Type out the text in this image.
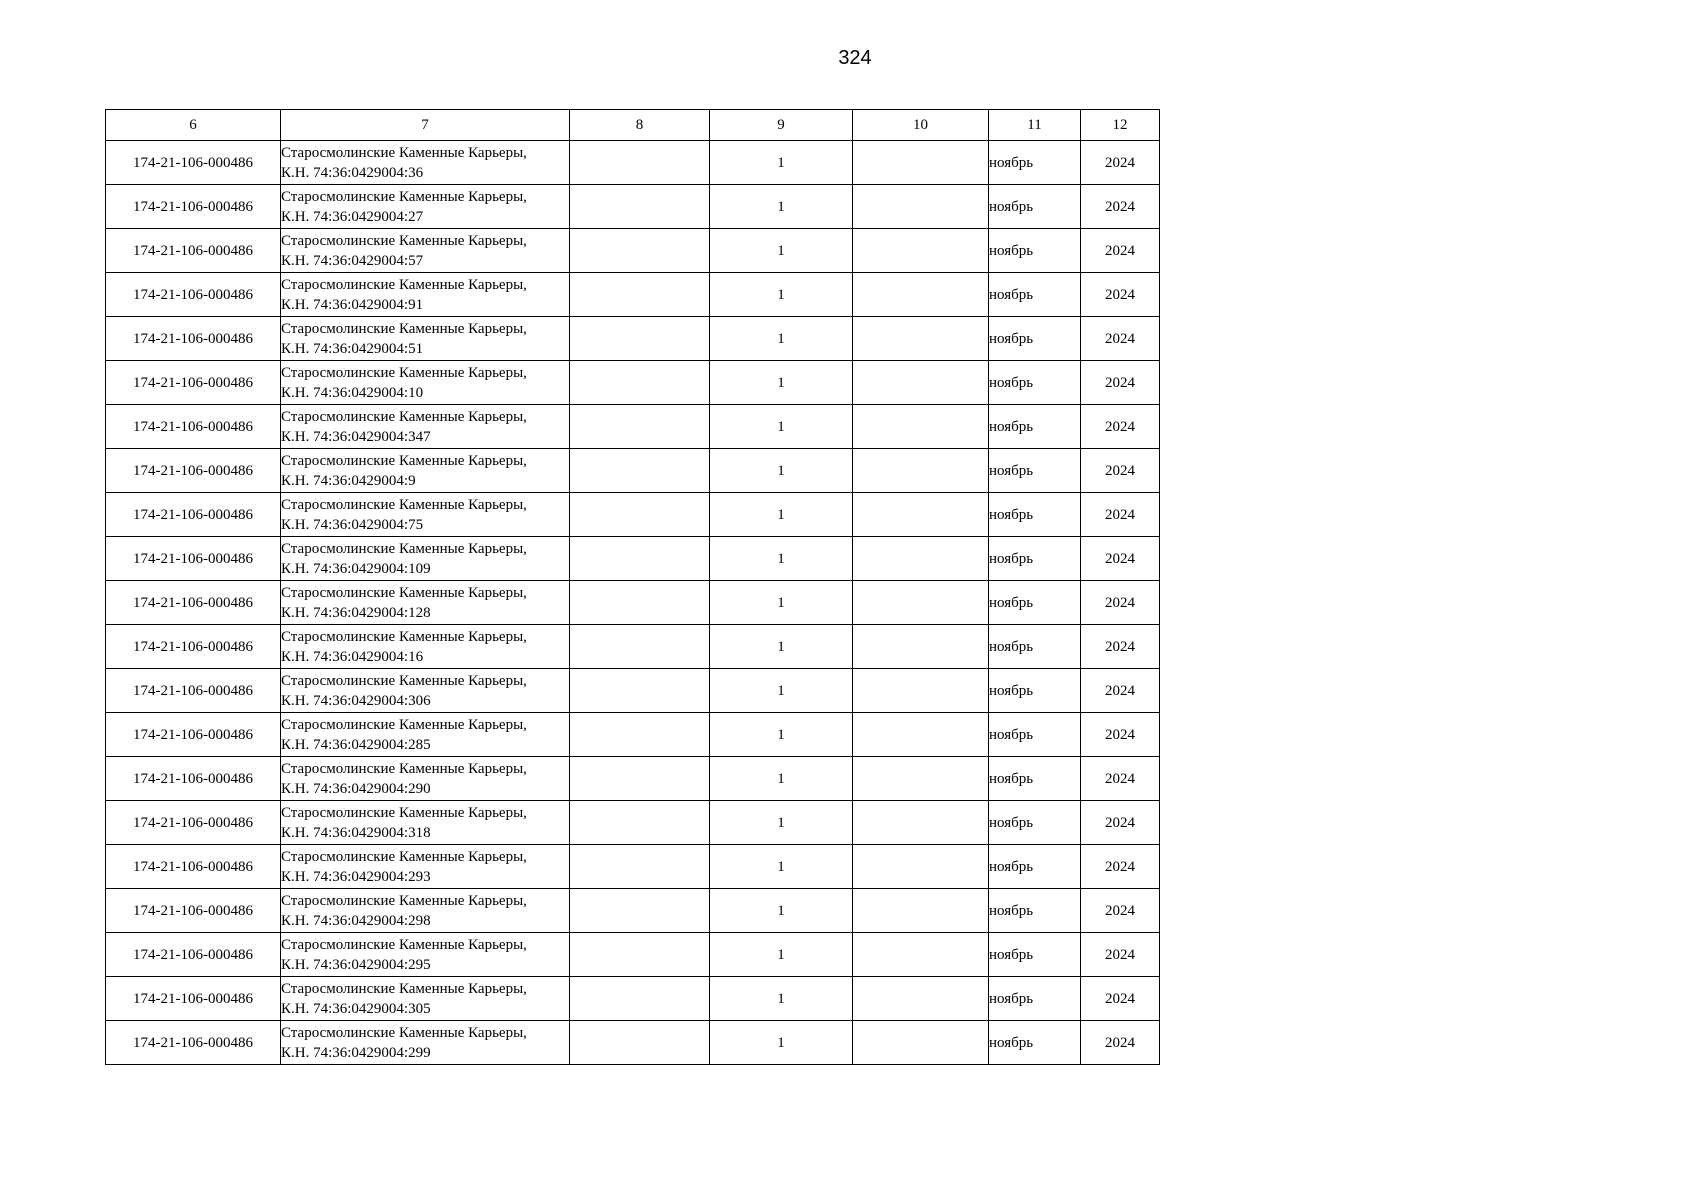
324
6	7	8	9	10	11	12
174-21-106-000486	Старосмолинские Каменные Карьеры,
К.Н. 74:36:0429004:36		1		ноябрь	2024
174-21-106-000486	Старосмолинские Каменные Карьеры,
К.Н. 74:36:0429004:27		1		ноябрь	2024
174-21-106-000486	Старосмолинские Каменные Карьеры,
К.Н. 74:36:0429004:57		1		ноябрь	2024
174-21-106-000486	Старосмолинские Каменные Карьеры,
К.Н. 74:36:0429004:91		1		ноябрь	2024
174-21-106-000486	Старосмолинские Каменные Карьеры,
К.Н. 74:36:0429004:51		1		ноябрь	2024
174-21-106-000486	Старосмолинские Каменные Карьеры,
К.Н. 74:36:0429004:10		1		ноябрь	2024
174-21-106-000486	Старосмолинские Каменные Карьеры,
К.Н. 74:36:0429004:347		1		ноябрь	2024
174-21-106-000486	Старосмолинские Каменные Карьеры,
К.Н. 74:36:0429004:9		1		ноябрь	2024
174-21-106-000486	Старосмолинские Каменные Карьеры,
К.Н. 74:36:0429004:75		1		ноябрь	2024
174-21-106-000486	Старосмолинские Каменные Карьеры,
К.Н. 74:36:0429004:109		1		ноябрь	2024
174-21-106-000486	Старосмолинские Каменные Карьеры,
К.Н. 74:36:0429004:128		1		ноябрь	2024
174-21-106-000486	Старосмолинские Каменные Карьеры,
К.Н. 74:36:0429004:16		1		ноябрь	2024
174-21-106-000486	Старосмолинские Каменные Карьеры,
К.Н. 74:36:0429004:306		1		ноябрь	2024
174-21-106-000486	Старосмолинские Каменные Карьеры,
К.Н. 74:36:0429004:285		1		ноябрь	2024
174-21-106-000486	Старосмолинские Каменные Карьеры,
К.Н. 74:36:0429004:290		1		ноябрь	2024
174-21-106-000486	Старосмолинские Каменные Карьеры,
К.Н. 74:36:0429004:318		1		ноябрь	2024
174-21-106-000486	Старосмолинские Каменные Карьеры,
К.Н. 74:36:0429004:293		1		ноябрь	2024
174-21-106-000486	Старосмолинские Каменные Карьеры,
К.Н. 74:36:0429004:298		1		ноябрь	2024
174-21-106-000486	Старосмолинские Каменные Карьеры,
К.Н. 74:36:0429004:295		1		ноябрь	2024
174-21-106-000486	Старосмолинские Каменные Карьеры,
К.Н. 74:36:0429004:305		1		ноябрь	2024
174-21-106-000486	Старосмолинские Каменные Карьеры,
К.Н. 74:36:0429004:299		1		ноябрь	2024
